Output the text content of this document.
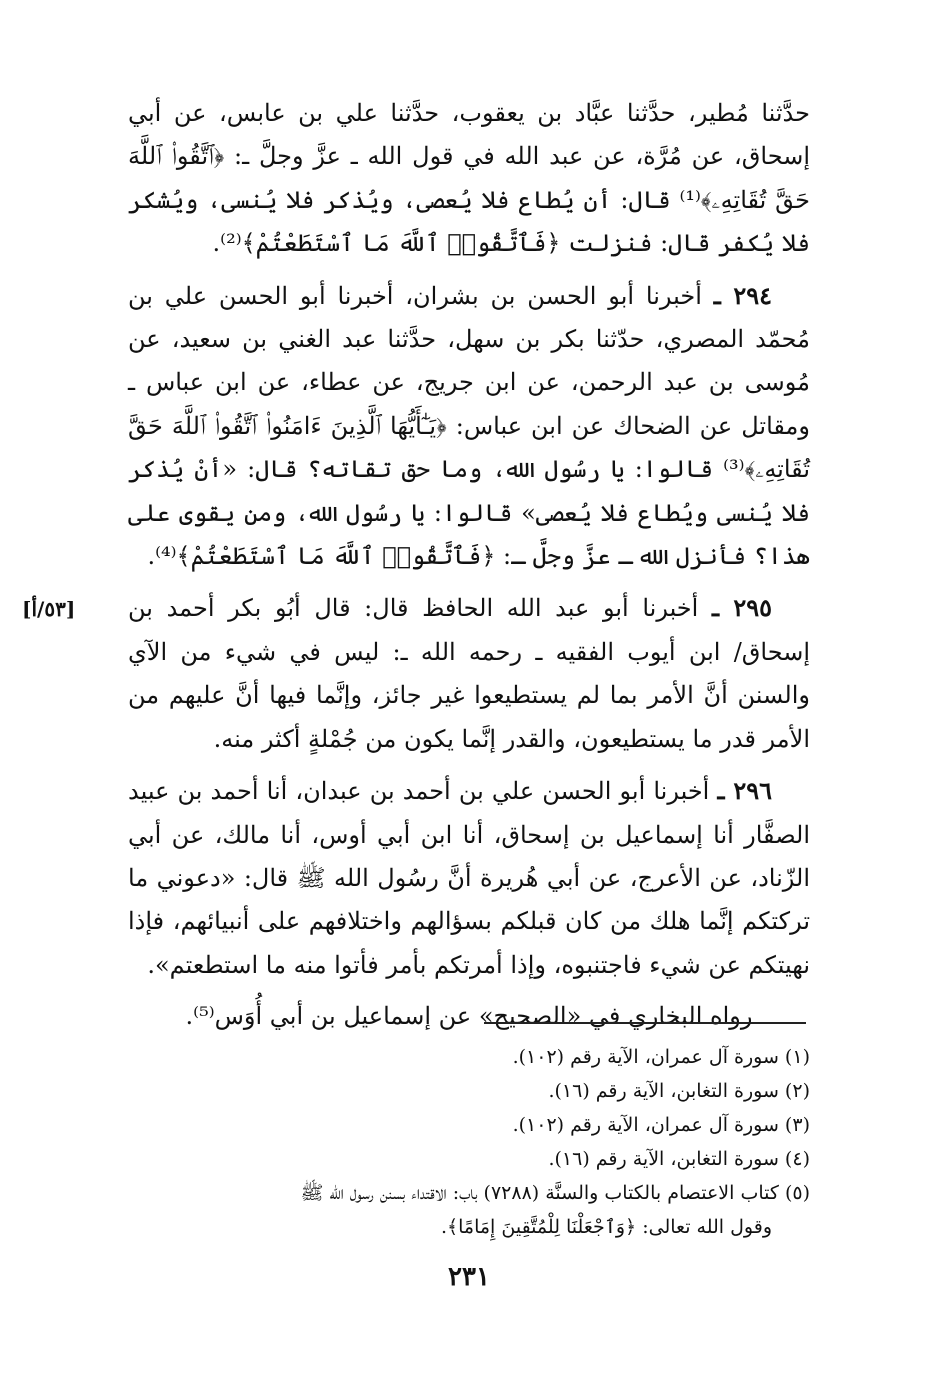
حدَّثنا مُطير، حدَّثنا عبَّاد بن يعقوب، حدَّثنا علي بن عابس، عن أبي إسحاق، عن مُرَّة، عن عبد الله في قول الله ـ عزَّ وجلَّ ـ: ﴿ٱتَّقُوا۟ ٱللَّهَ حَقَّ تُقَاتِهِۦ﴾⁽¹⁾ قال: أن يُطاع فلا يُعصى، ويُذكر فلا يُنسى، ويُشكر فلا يُكفر قال: فنزلت ﴿فَٱتَّقُوا۟ ٱللَّهَ مَا ٱسْتَطَعْتُمْ﴾⁽²⁾.

٢٩٤ ـ أخبرنا أبو الحسن بن بشران، أخبرنا أبو الحسن علي بن مُحمّد المصري، حدّثنا بكر بن سهل، حدَّثنا عبد الغني بن سعيد، عن مُوسى بن عبد الرحمن، عن ابن جريج، عن عطاء، عن ابن عباس ـ ومقاتل عن الضحاك عن ابن عباس: ﴿يَـٰٓأَيُّهَا ٱلَّذِينَ ءَامَنُوا۟ ٱتَّقُوا۟ ٱللَّهَ حَقَّ تُقَاتِهِۦ﴾⁽³⁾ قالوا: يا رسُول الله، وما حق تقاته؟ قال: «أنْ يُذكر فلا يُنسى ويُطاع فلا يُعصى» قالوا: يا رسُول الله، ومن يقوى على هذا؟ فأنزل الله ـ عزَّ وجلَّ ـ: ﴿فَٱتَّقُوا۟ ٱللَّهَ مَا ٱسْتَطَعْتُمْ﴾⁽⁴⁾.

٢٩٥ ـ أخبرنا أبو عبد الله الحافظ قال: قال أبُو بكر أحمد بن إسحاق/ ابن أيوب الفقيه ـ رحمه الله ـ: ليس في شيء من الآي والسنن أنَّ الأمر بما لم يستطيعوا غير جائز، وإنَّما فيها أنَّ عليهم من الأمر قدر ما يستطيعون، والقدر إنَّما يكون من جُمْلةٍ أكثر منه.

٢٩٦ ـ أخبرنا أبو الحسن علي بن أحمد بن عبدان، أنا أحمد بن عبيد الصفَّار أنا إسماعيل بن إسحاق، أنا ابن أبي أوس، أنا مالك، عن أبي الزّناد، عن الأعرج، عن أبي هُريرة أنَّ رسُول الله ﷺ قال: «دعوني ما تركتكم إنَّما هلك من كان قبلكم بسؤالهم واختلافهم على أنبيائهم، فإذا نهيتكم عن شيء فاجتنبوه، وإذا أمرتكم بأمر فأتوا منه ما استطعتم».

رواه البخاري في «الصحيح» عن إسماعيل بن أبي أُوَس⁽⁵⁾.

[٥٣/أ]

(١) سورة آل عمران، الآية رقم (١٠٢).

(٢) سورة التغابن، الآية رقم (١٦).

(٣) سورة آل عمران، الآية رقم (١٠٢).

(٤) سورة التغابن، الآية رقم (١٦).

(٥) كتاب الاعتصام بالكتاب والسنَّة (٧٢٨٨) باب: الاقتداء بسنن رسول الله ﷺ

وقول الله تعالى: ﴿وَٱجْعَلْنَا لِلْمُتَّقِينَ إِمَامًا﴾.

٢٣١
